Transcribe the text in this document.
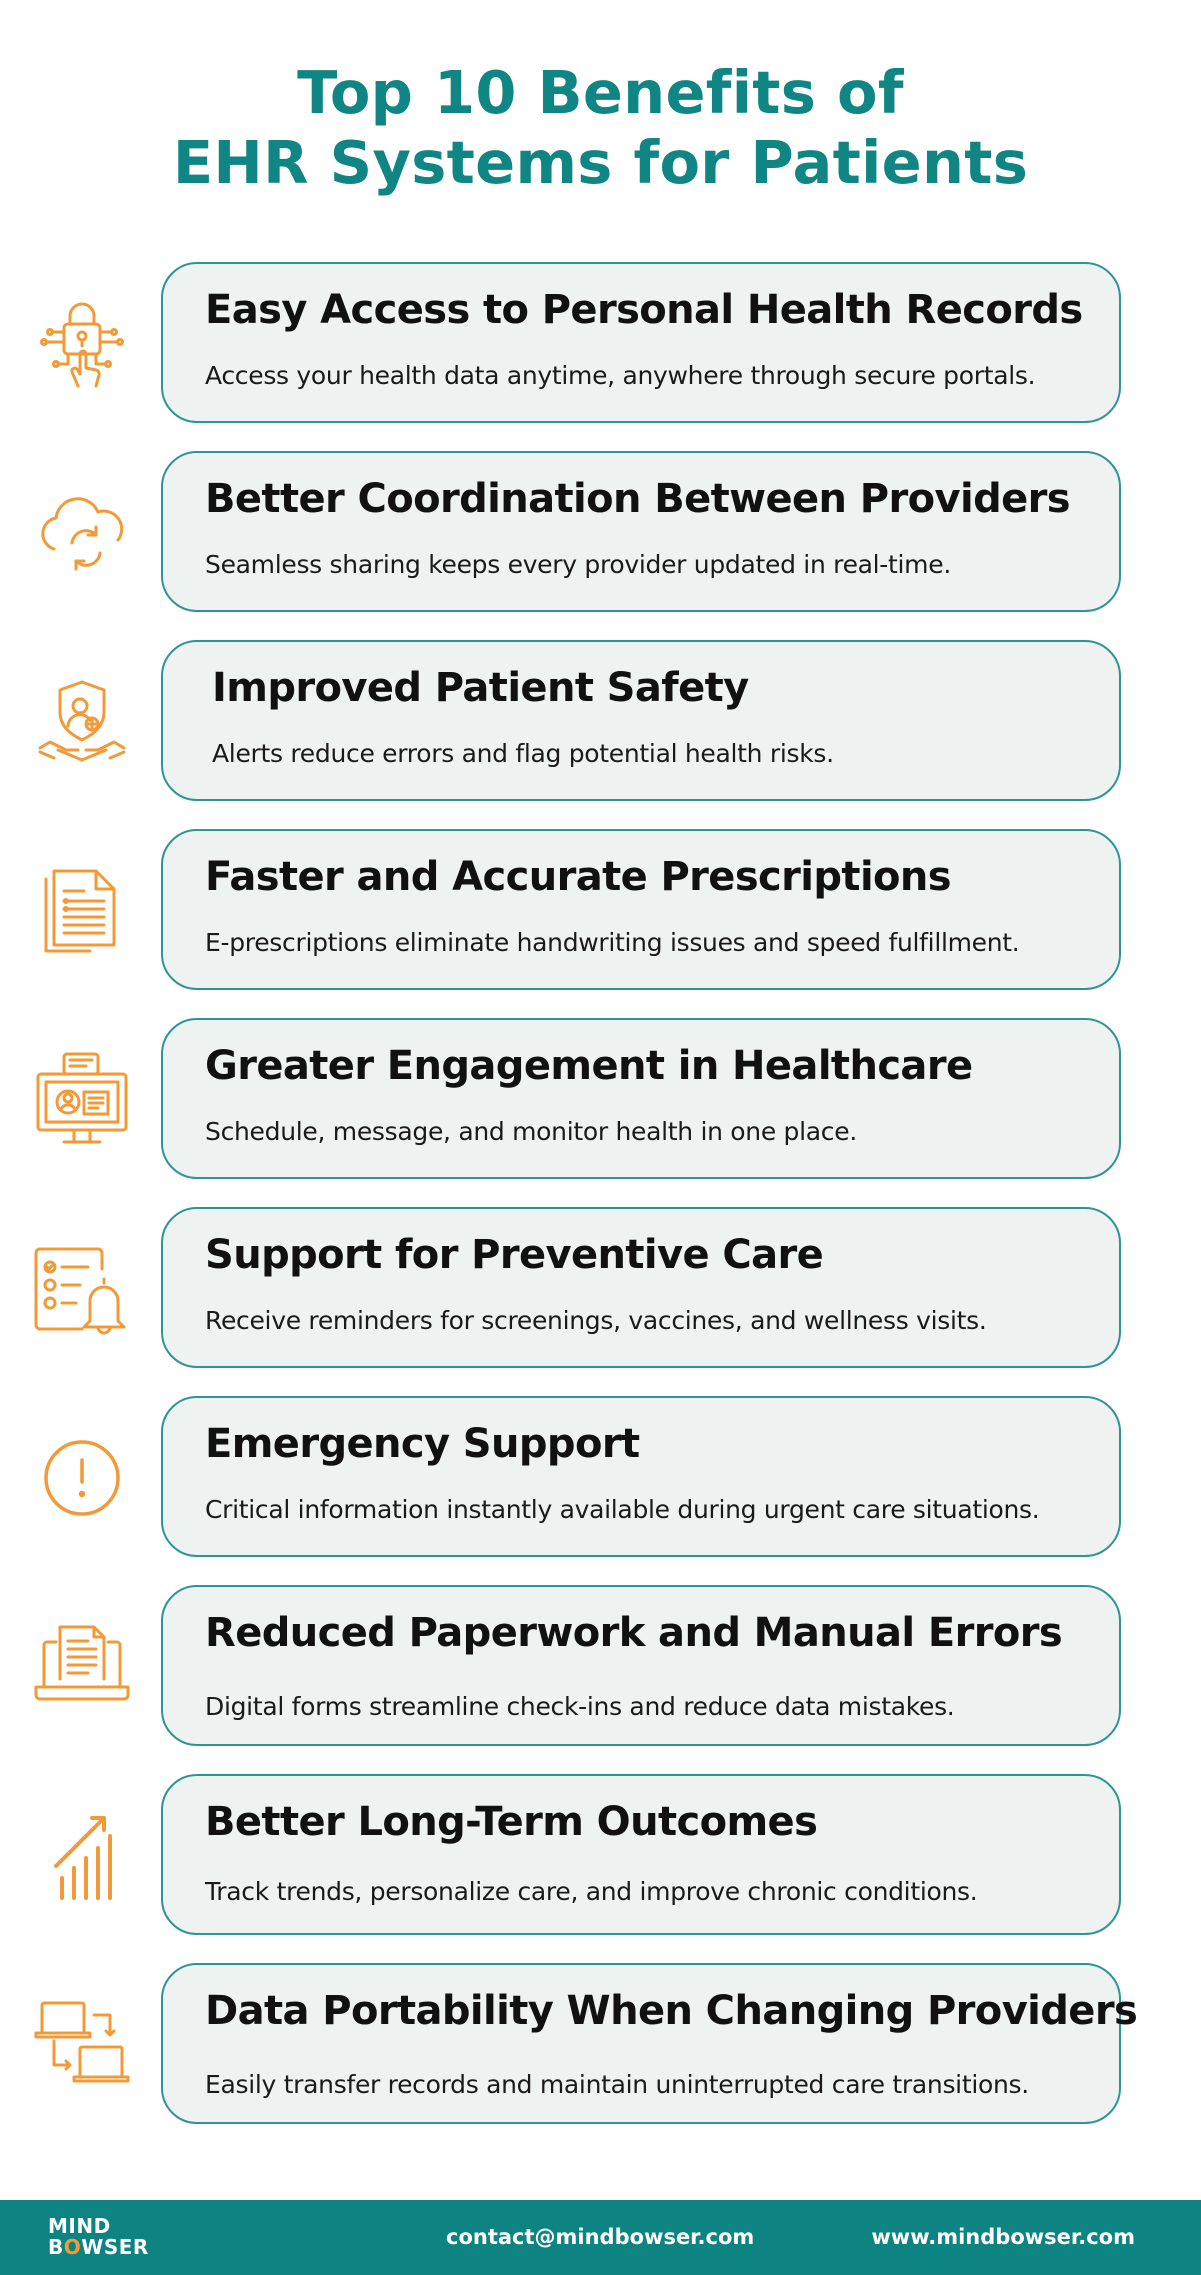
Top 10 Benefits of
EHR Systems for Patients
Easy Access to Personal Health Records

Access your health data anytime, anywhere through secure portals.

Better Coordination Between Providers

Seamless sharing keeps every provider updated in real-time.

Improved Patient Safety

Alerts reduce errors and flag potential health risks.

Faster and Accurate Prescriptions

E-prescriptions eliminate handwriting issues and speed fulfillment.

Greater Engagement in Healthcare

Schedule, message, and monitor health in one place.

Support for Preventive Care

Receive reminders for screenings, vaccines, and wellness visits.

Emergency Support

Critical information instantly available during urgent care situations.

Reduced Paperwork and Manual Errors

Digital forms streamline check-ins and reduce data mistakes.

Better Long-Term Outcomes

Track trends, personalize care, and improve chronic conditions.

Data Portability When Changing Providers

Easily transfer records and maintain uninterrupted care transitions.

MIND
BOWSER	contact@mindbowser.com	www.mindbowser.com
